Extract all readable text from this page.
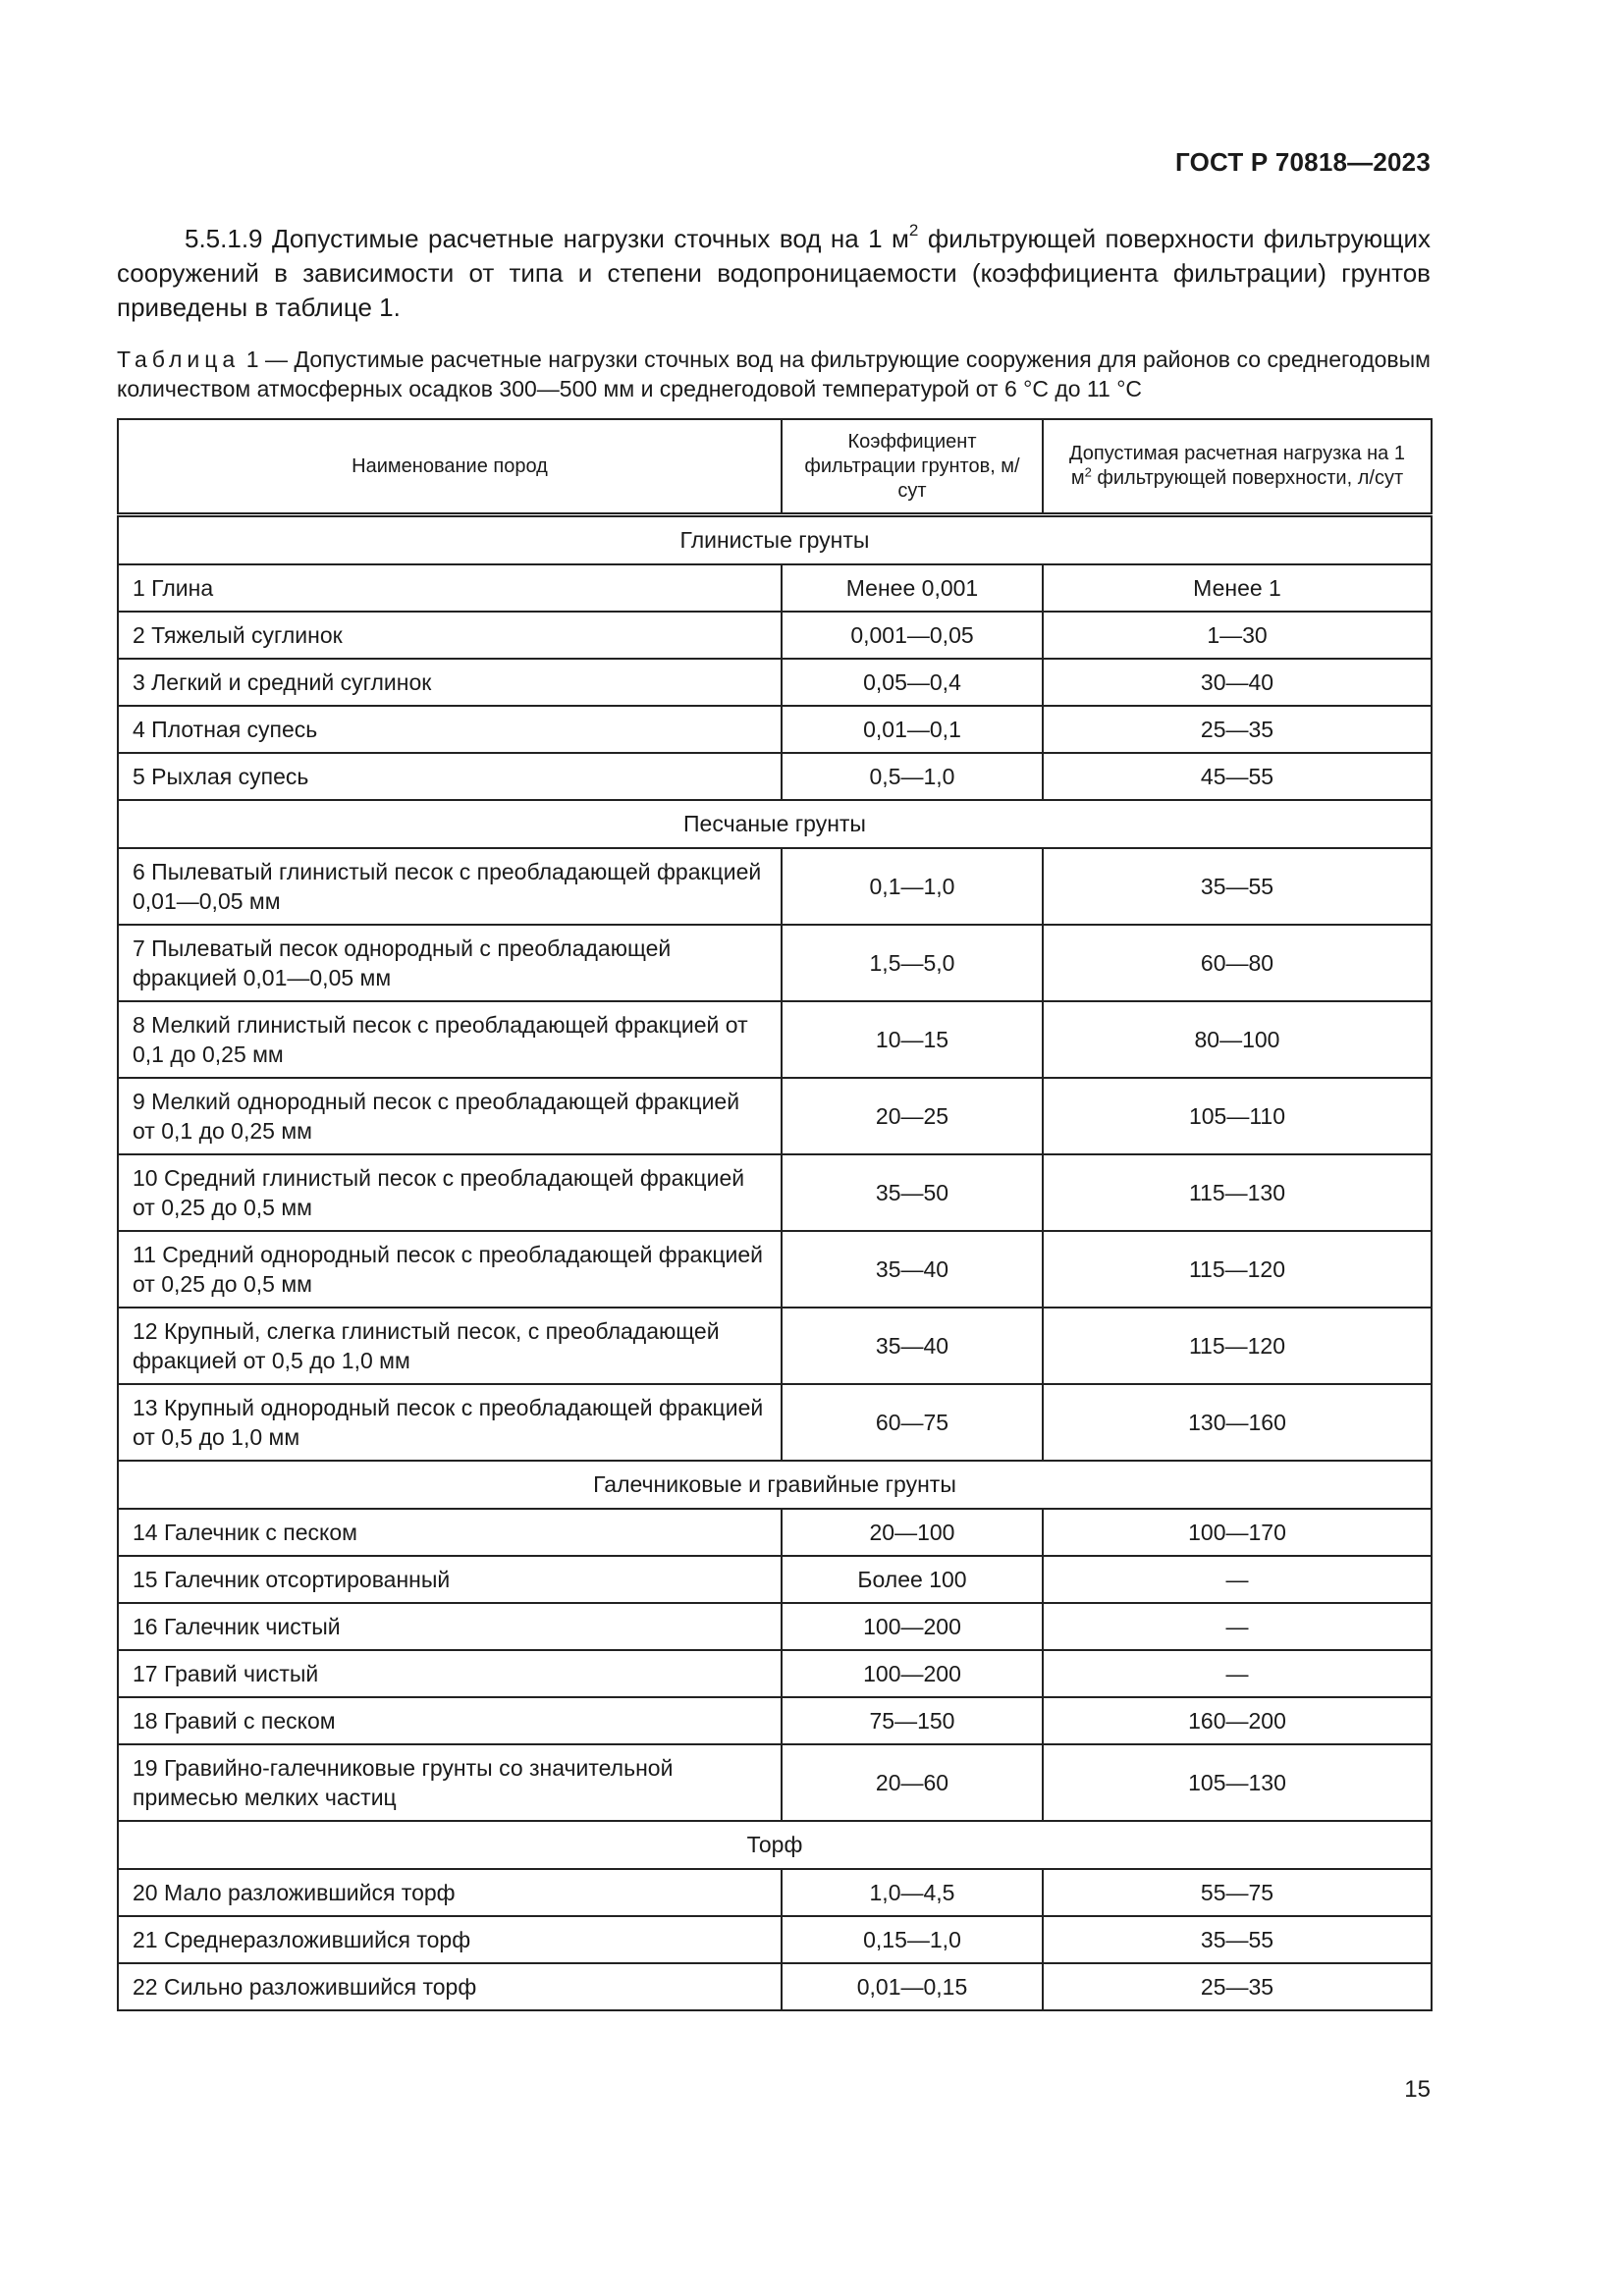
ГОСТ Р 70818—2023

5.5.1.9 Допустимые расчетные нагрузки сточных вод на 1 $м^2$ фильтрующей поверхности фильтрующих сооружений в зависимости от типа и степени водопроницаемости (коэффициента фильтрации) грунтов приведены в таблице 1.

Таблица 1 — Допустимые расчетные нагрузки сточных вод на фильтрующие сооружения для районов со среднегодовым количеством атмосферных осадков 300—500 мм и среднегодовой температурой от 6 °С до 11 °С

Наименование пород	Коэффициент фильтрации грунтов, м/сут	Допустимая расчетная нагрузка на 1 $м^2$ фильтрующей поверхности, л/сут
Глинистые грунты		
1 Глина	Менее 0,001	Менее 1
2 Тяжелый суглинок	0,001—0,05	1—30
3 Легкий и средний суглинок	0,05—0,4	30—40
4 Плотная супесь	0,01—0,1	25—35
5 Рыхлая супесь	0,5—1,0	45—55
Песчаные грунты		
6 Пылеватый глинистый песок с преобладающей фракцией 0,01—0,05 мм	0,1—1,0	35—55
7 Пылеватый песок однородный с преобладающей фракцией 0,01—0,05 мм	1,5—5,0	60—80
8 Мелкий глинистый песок с преобладающей фракцией от 0,1 до 0,25 мм	10—15	80—100
9 Мелкий однородный песок с преобладающей фракцией от 0,1 до 0,25 мм	20—25	105—110
10 Средний глинистый песок с преобладающей фракцией от 0,25 до 0,5 мм	35—50	115—130
11 Средний однородный песок с преобладающей фракцией от 0,25 до 0,5 мм	35—40	115—120
12 Крупный, слегка глинистый песок, с преобладающей фракцией от 0,5 до 1,0 мм	35—40	115—120
13 Крупный однородный песок с преобладающей фракцией от 0,5 до 1,0 мм	60—75	130—160
Галечниковые и гравийные грунты		
14 Галечник с песком	20—100	100—170
15 Галечник отсортированный	Более 100	—
16 Галечник чистый	100—200	—
17 Гравий чистый	100—200	—
18 Гравий с песком	75—150	160—200
19 Гравийно-галечниковые грунты со значительной примесью мелких частиц	20—60	105—130
Торф		
20 Мало разложившийся торф	1,0—4,5	55—75
21 Среднеразложившийся торф	0,15—1,0	35—55
22 Сильно разложившийся торф	0,01—0,15	25—35
15
